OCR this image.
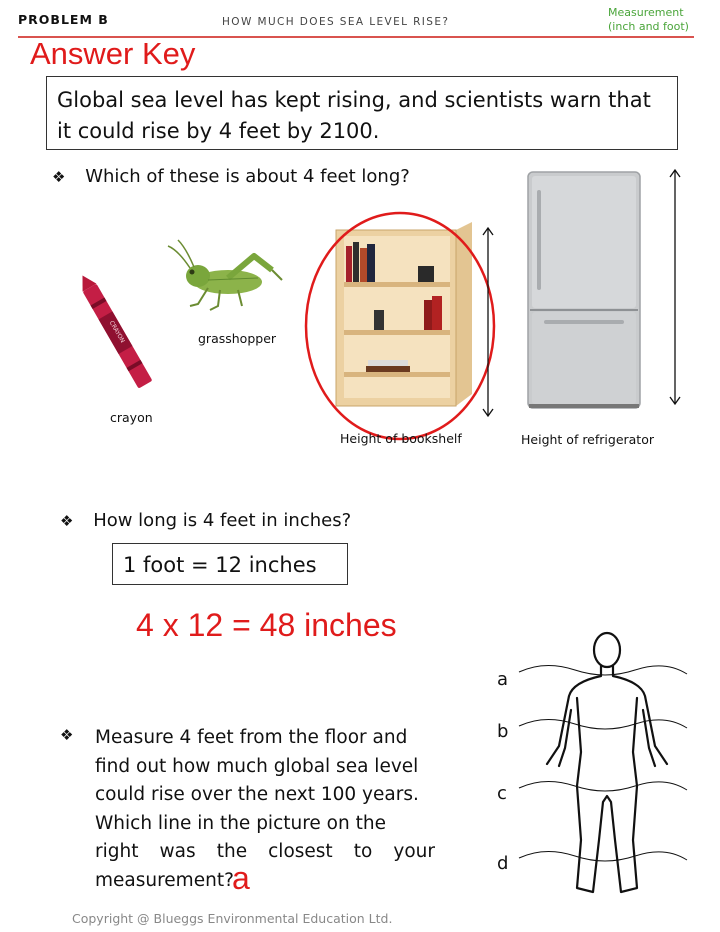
PROBLEM B	HOW MUCH DOES SEA LEVEL RISE?
Measurement
(inch and foot)
Answer Key
Global sea level has kept rising, and scientists warn that
it could rise by 4 feet by 2100.
❖ Which of these is about 4 feet long?
CRAYON
crayon
grasshopper
Height of bookshelf	Height of refrigerator
❖ How long is 4 feet in inches?
1 foot = 12 inches
4 x 12 = 48 inches
❖ Measure 4 feet from the floor and
find out how much global sea level
could rise over the next 100 years.
Which line in the picture on the
right was the closest to your
measurement?
a
a
b
c
d
Copyright @ Blueggs Environmental Education Ltd.
